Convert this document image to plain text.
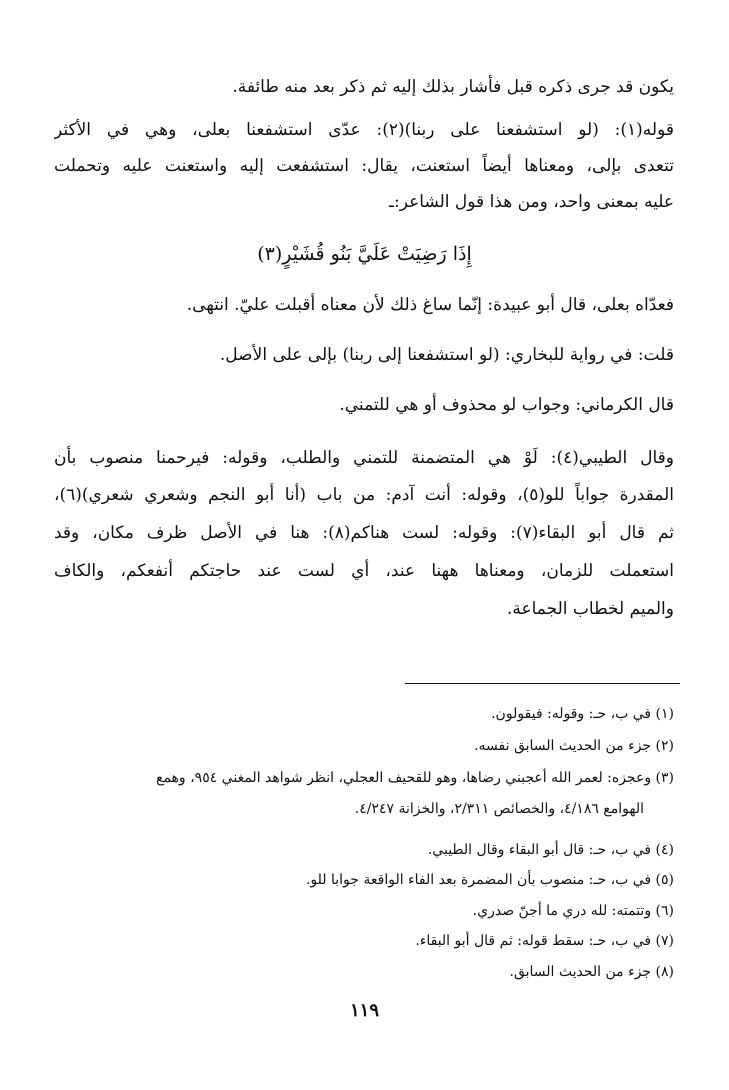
يكون قد جرى ذكره قبل فأشار بذلك إليه ثم ذكر بعد منه طائفة.
قوله(١): (لو استشفعنا على ربنا)(٢): عدّى استشفعنا بعلى، وهي في الأكثر
تتعدى بإلى، ومعناها أيضاً استعنت، يقال: استشفعت إليه واستعنت عليه وتحملت
عليه بمعنى واحد، ومن هذا قول الشاعر:ـ
إِذَا رَضِيَتْ عَلَيَّ بَنُو قُشَيْرٍ(٣)
فعدّاه بعلى، قال أبو عبيدة: إنّما ساغ ذلك لأن معناه أقبلت عليّ. انتهى.
قلت: في رواية للبخاري: (لو استشفعنا إلى ربنا) بإلى على الأصل.
قال الكرماني: وجواب لو محذوف أو هي للتمني.
وقال الطيبي(٤): لَوْ هي المتضمنة للتمني والطلب، وقوله: فيرحمنا منصوب بأن
المقدرة جواباً للو(٥)، وقوله: أنت آدم: من باب (أنا أبو النجم وشعري شعري)(٦)،
ثم قال أبو البقاء(٧): وقوله: لست هناكم(٨): هنا في الأصل ظرف مكان، وقد
استعملت للزمان، ومعناها ههنا عند، أي لست عند حاجتكم أنفعكم، والكاف
والميم لخطاب الجماعة.
(١) في ب، حـ: وقوله: فيقولون.
(٢) جزء من الحديث السابق نفسه.
(٣) وعجزه: لعمر الله أعجبني رضاها، وهو للقحيف العجلي، انظر شواهد المغني ٩٥٤، وهمع
الهوامع ٤/١٨٦، والخصائص ٢/٣١١، والخزانة ٤/٢٤٧.
(٤) في ب، حـ: قال أبو البقاء وقال الطيبي.
(٥) في ب، حـ: منصوب بأن المضمرة بعد الفاء الواقعة جوابا للو.
(٦) وتتمته: لله دري ما أجنّ صدري.
(٧) في ب، حـ: سقط قوله: ثم قال أبو البقاء.
(٨) جزء من الحديث السابق.
١١٩
